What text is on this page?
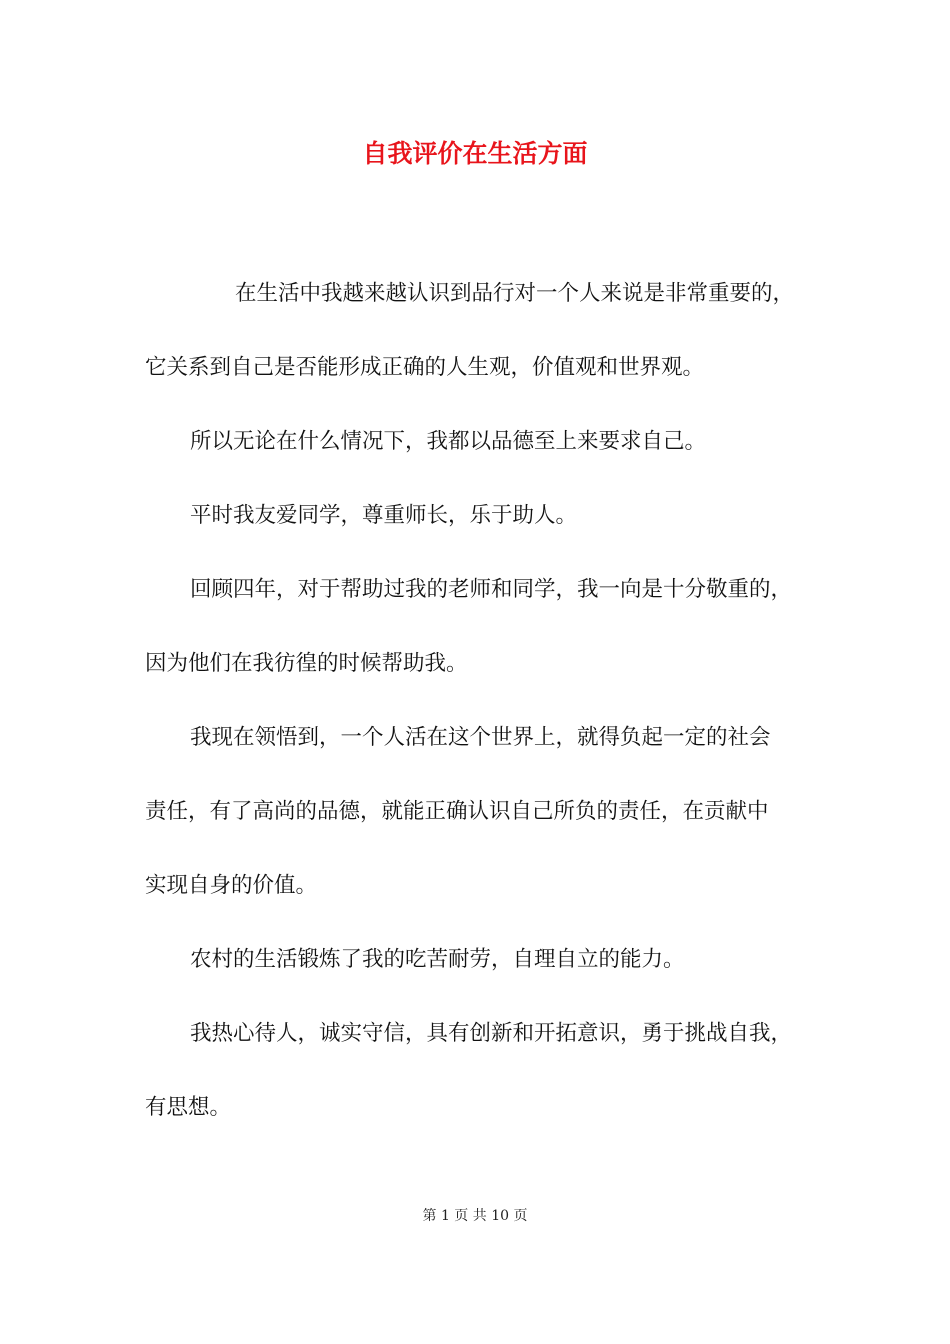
自我评价在生活方面

在生活中我越来越认识到品行对一个人来说是非常重要的，

它关系到自己是否能形成正确的人生观，价值观和世界观。

所以无论在什么情况下，我都以品德至上来要求自己。

平时我友爱同学，尊重师长，乐于助人。

回顾四年，对于帮助过我的老师和同学，我一向是十分敬重的，

因为他们在我彷徨的时候帮助我。

我现在领悟到，一个人活在这个世界上，就得负起一定的社会

责任，有了高尚的品德，就能正确认识自己所负的责任，在贡献中

实现自身的价值。

农村的生活锻炼了我的吃苦耐劳，自理自立的能力。

我热心待人，诚实守信，具有创新和开拓意识，勇于挑战自我，

有思想。

第 1 页 共 10 页
